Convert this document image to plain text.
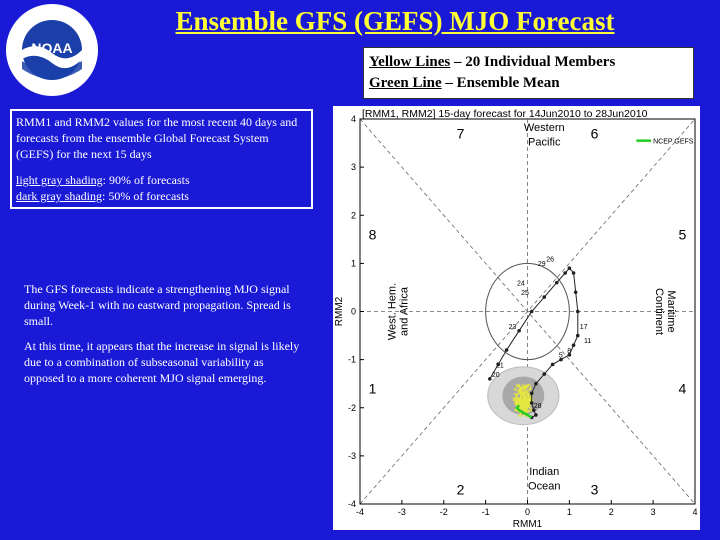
NOAA
Ensemble GFS (GEFS) MJO Forecast
Yellow Lines – 20 Individual Members
Green Line – Ensemble Mean

RMM1 and RMM2 values for the most recent 40 days and forecasts from the ensemble Global Forecast System (GEFS) for the next 15 days

light gray shading: 90% of forecasts

dark gray shading: 50% of forecasts

The GFS forecasts indicate a strengthening MJO signal during Week-1 with no eastward propagation. Spread is small.

At this time, it appears that the increase in signal is likely due to a combination of subseasonal variability as opposed to a more coherent MJO signal emerging.	20
21
23
25
24
29
26
17
11
8
5
28
7	6
8	5
1	4
2	3
Western
Pacific
Indian
Ocean
West. Hem. and Africa	Maritime
Continent
NCEP GEFS
-4	-3	-2	-1	0	1	2	3	4
4
3
2
1
0
-1
-2
-3
-4
RMM1
RMM2
[RMM1, RMM2] 15-day forecast for 14Jun2010 to 28Jun2010
